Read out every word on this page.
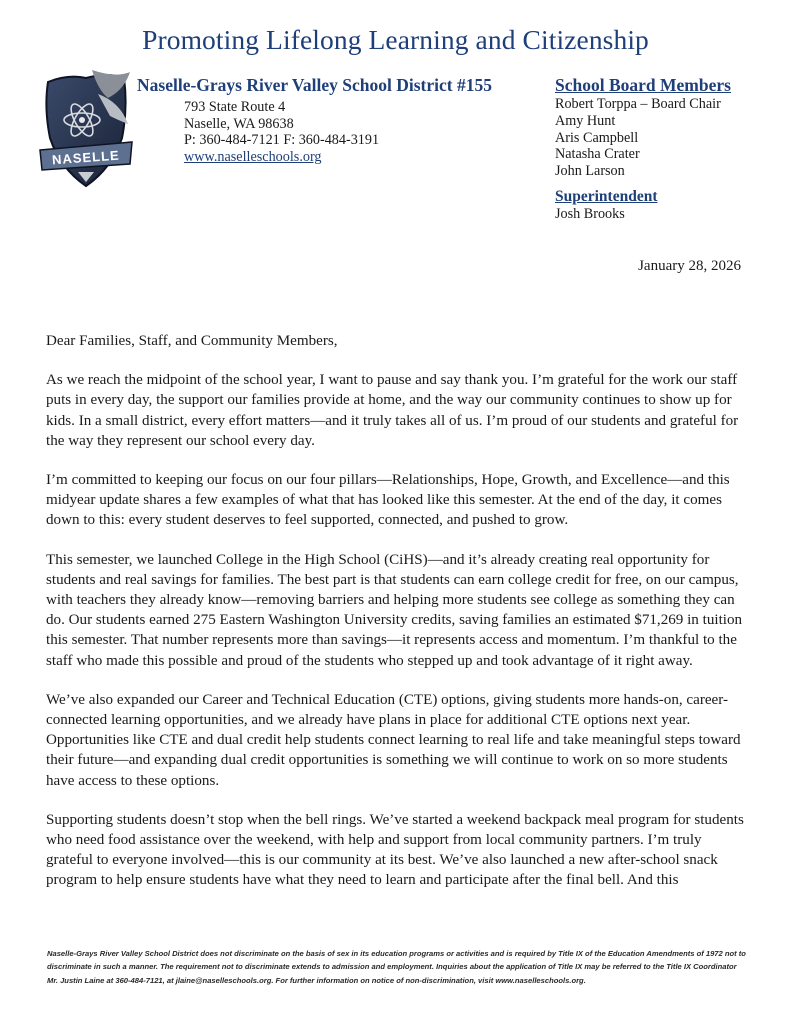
Promoting Lifelong Learning and Citizenship
NASELLE
Naselle-Grays River Valley School District #155
793 State Route 4
Naselle, WA 98638
P: 360-484-7121 F: 360-484-3191
www.naselleschools.org
School Board Members
Robert Torppa – Board Chair
Amy Hunt
Aris Campbell
Natasha Crater
John Larson
Superintendent
Josh Brooks
January 28, 2026

Dear Families, Staff, and Community Members,

As we reach the midpoint of the school year, I want to pause and say thank you. I’m grateful for the work our staff puts in every day, the support our families provide at home, and the way our community continues to show up for kids. In a small district, every effort matters—and it truly takes all of us. I’m proud of our students and grateful for the way they represent our school every day.

I’m committed to keeping our focus on our four pillars—Relationships, Hope, Growth, and Excellence—and this midyear update shares a few examples of what that has looked like this semester. At the end of the day, it comes down to this: every student deserves to feel supported, connected, and pushed to grow.

This semester, we launched College in the High School (CiHS)—and it’s already creating real opportunity for students and real savings for families. The best part is that students can earn college credit for free, on our campus, with teachers they already know—removing barriers and helping more students see college as something they can do. Our students earned 275 Eastern Washington University credits, saving families an estimated $71,269 in tuition this semester. That number represents more than savings—it represents access and momentum. I’m thankful to the staff who made this possible and proud of the students who stepped up and took advantage of it right away.

We’ve also expanded our Career and Technical Education (CTE) options, giving students more hands-on, career-connected learning opportunities, and we already have plans in place for additional CTE options next year. Opportunities like CTE and dual credit help students connect learning to real life and take meaningful steps toward their future—and expanding dual credit opportunities is something we will continue to work on so more students have access to these options.

Supporting students doesn’t stop when the bell rings. We’ve started a weekend backpack meal program for students who need food assistance over the weekend, with help and support from local community partners. I’m truly grateful to everyone involved—this is our community at its best. We’ve also launched a new after-school snack program to help ensure students have what they need to learn and participate after the final bell. And this

Naselle-Grays River Valley School District does not discriminate on the basis of sex in its education programs or activities and is required by Title IX of the Education Amendments of 1972 not to discriminate in such a manner. The requirement not to discriminate extends to admission and employment. Inquiries about the application of Title IX may be referred to the Title IX Coordinator Mr. Justin Laine at 360-484-7121, at jlaine@naselleschools.org. For further information on notice of non-discrimination, visit www.naselleschools.org.
